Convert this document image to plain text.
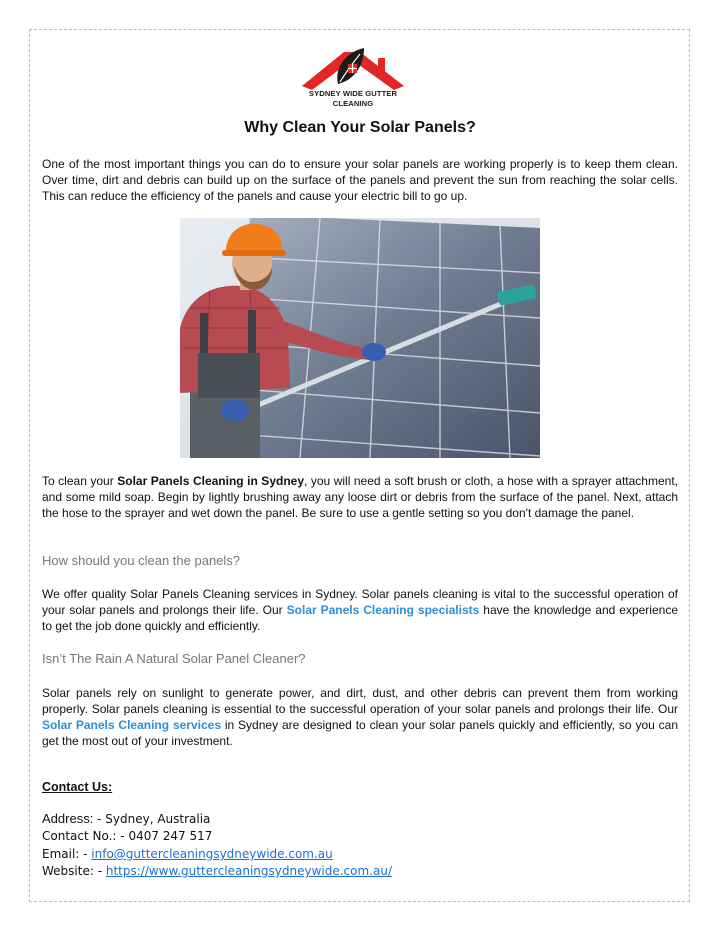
SYDNEY WIDE GUTTER
CLEANING
Why Clean Your Solar Panels?

One of the most important things you can do to ensure your solar panels are working properly is to keep them clean. Over time, dirt and debris can build up on the surface of the panels and prevent the sun from reaching the solar cells. This can reduce the efficiency of the panels and cause your electric bill to go up.

To clean your Solar Panels Cleaning in Sydney, you will need a soft brush or cloth, a hose with a sprayer attachment, and some mild soap. Begin by lightly brushing away any loose dirt or debris from the surface of the panel. Next, attach the hose to the sprayer and wet down the panel. Be sure to use a gentle setting so you don't damage the panel.

How should you clean the panels?

We offer quality Solar Panels Cleaning services in Sydney. Solar panels cleaning is vital to the successful operation of your solar panels and prolongs their life. Our Solar Panels Cleaning specialists have the knowledge and experience to get the job done quickly and efficiently.

Isn’t The Rain A Natural Solar Panel Cleaner?

Solar panels rely on sunlight to generate power, and dirt, dust, and other debris can prevent them from working properly. Solar panels cleaning is essential to the successful operation of your solar panels and prolongs their life. Our Solar Panels Cleaning services in Sydney are designed to clean your solar panels quickly and efficiently, so you can get the most out of your investment.

Contact Us:

Address: - Sydney, Australia

Contact No.: - 0407 247 517

Email: - info@guttercleaningsydneywide.com.au

Website: - https://www.guttercleaningsydneywide.com.au/
